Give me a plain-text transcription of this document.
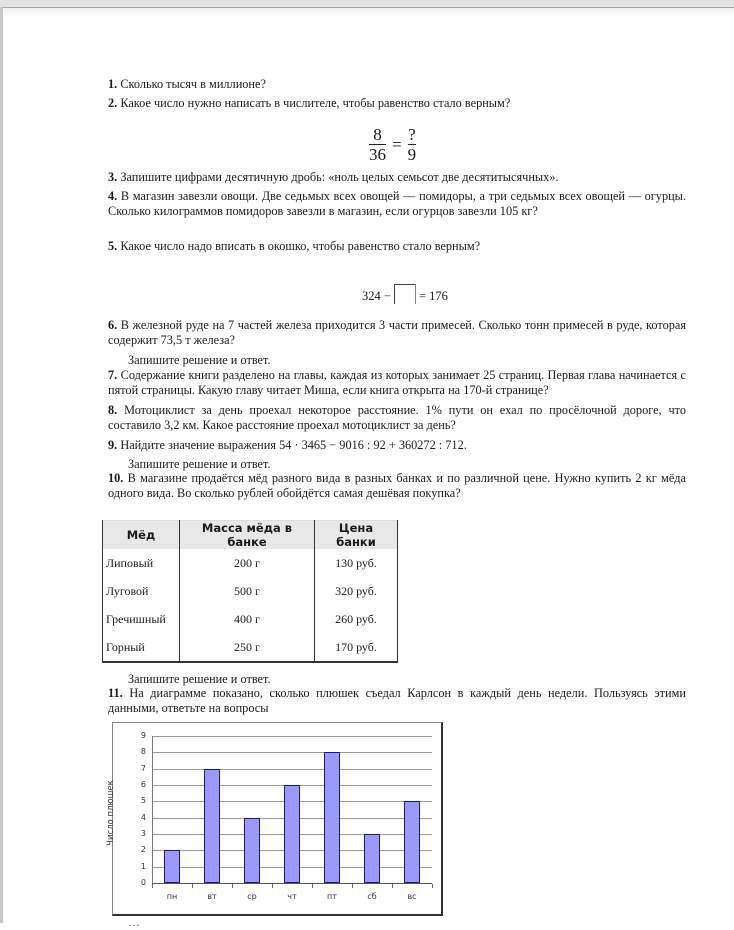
1. Сколько тысяч в миллионе?
2. Какое число нужно написать в числителе, чтобы равенство стало верным?
$\frac{8}{36} = \frac{?}{9}$
3. Запишите цифрами десятичную дробь: «ноль целых семьсот две десятитысячных».
4. В магазин завезли овощи. Две седьмых всех овощей — помидоры, а три седьмых всех овощей — огурцы. Сколько килограммов помидоров завезли в магазин, если огурцов завезли 105 кг?
5. Какое число надо вписать в окошко, чтобы равенство стало верным?
324 − = 176
6. В железной руде на 7 частей железа приходится 3 части примесей. Сколько тонн примесей в руде, которая содержит 73,5 т железа?
Запишите решение и ответ.
7. Содержание книги разделено на главы, каждая из которых занимает 25 страниц. Первая глава начинается с пятой страницы. Какую главу читает Миша, если книга открыта на 170-й странице?
8. Мотоциклист за день проехал некоторое расстояние. 1% пути он ехал по просёлочной дороге, что составило 3,2 км. Какое расстояние проехал мотоциклист за день?
9. Найдите значение выражения 54 · 3465 − 9016 : 92 + 360272 : 712.
Запишите решение и ответ.
10. В магазине продаётся мёд разного вида в разных банках и по различной цене. Нужно купить 2 кг мёда одного вида. Во сколько рублей обойдётся самая дешёвая покупка?
Мёд	Масса мёда в банке	Цена банки
Липовый	200 г	130 руб.
Луговой	500 г	320 руб.
Гречишный	400 г	260 руб.
Горный	250 г	170 руб.
Запишите решение и ответ.
11. На диаграмме показано, сколько плюшек съедал Карлсон в каждый день недели. Пользуясь этими данными, ответьте на вопросы
Число плюшек
0
1
2
3
4
5
6
7
8
9
пн	вт	ср	чт	пт	сб	вс
…
